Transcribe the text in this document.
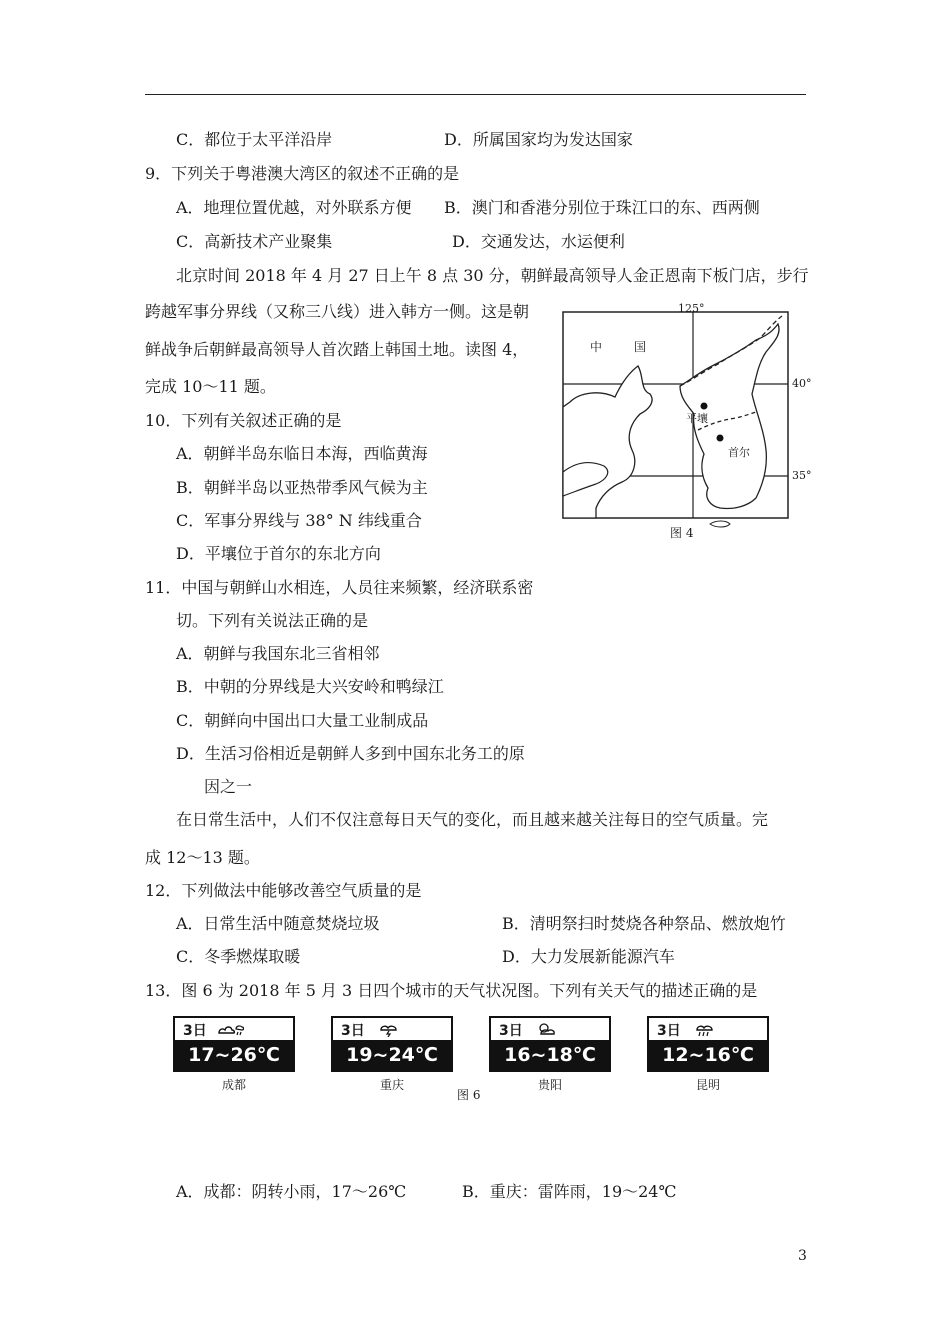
C．都位于太平洋沿岸	D．所属国家均为发达国家
9．下列关于粤港澳大湾区的叙述不正确的是
A．地理位置优越，对外联系方便 B．澳门和香港分别位于珠江口的东、西两侧
C．高新技术产业聚集	D．交通发达，水运便利
北京时间 2018 年 4 月 27 日上午 8 点 30 分，朝鲜最高领导人金正恩南下板门店，步行
跨越军事分界线（又称三八线）进入韩方一侧。这是朝
鲜战争后朝鲜最高领导人首次踏上韩国土地。读图 4，
完成 10～11 题。
10．下列有关叙述正确的是
A．朝鲜半岛东临日本海，西临黄海
B．朝鲜半岛以亚热带季风气候为主
C．军事分界线与 38° N 纬线重合
D．平壤位于首尔的东北方向
11．中国与朝鲜山水相连，人员往来频繁，经济联系密
切。下列有关说法正确的是
A．朝鲜与我国东北三省相邻
B．中朝的分界线是大兴安岭和鸭绿江
C．朝鲜向中国出口大量工业制成品
D．生活习俗相近是朝鲜人多到中国东北务工的原
因之一
在日常生活中，人们不仅注意每日天气的变化，而且越来越关注每日的空气质量。完
成 12～13 题。
12．下列做法中能够改善空气质量的是
A．日常生活中随意焚烧垃圾	B．清明祭扫时焚烧各种祭品、燃放炮竹
C．冬季燃煤取暖	D．大力发展新能源汽车
13．图 6 为 2018 年 5 月 3 日四个城市的天气状况图。下列有关天气的描述正确的是
125°
40°
35°
中　国
平壤
首尔
图 4
3日
17~26℃
成都
3日
19~24℃
重庆
3日
16~18℃
贵阳
3日
12~16℃
昆明
图 6
A．成都：阴转小雨，17～26℃	B．重庆：雷阵雨，19～24℃
3
